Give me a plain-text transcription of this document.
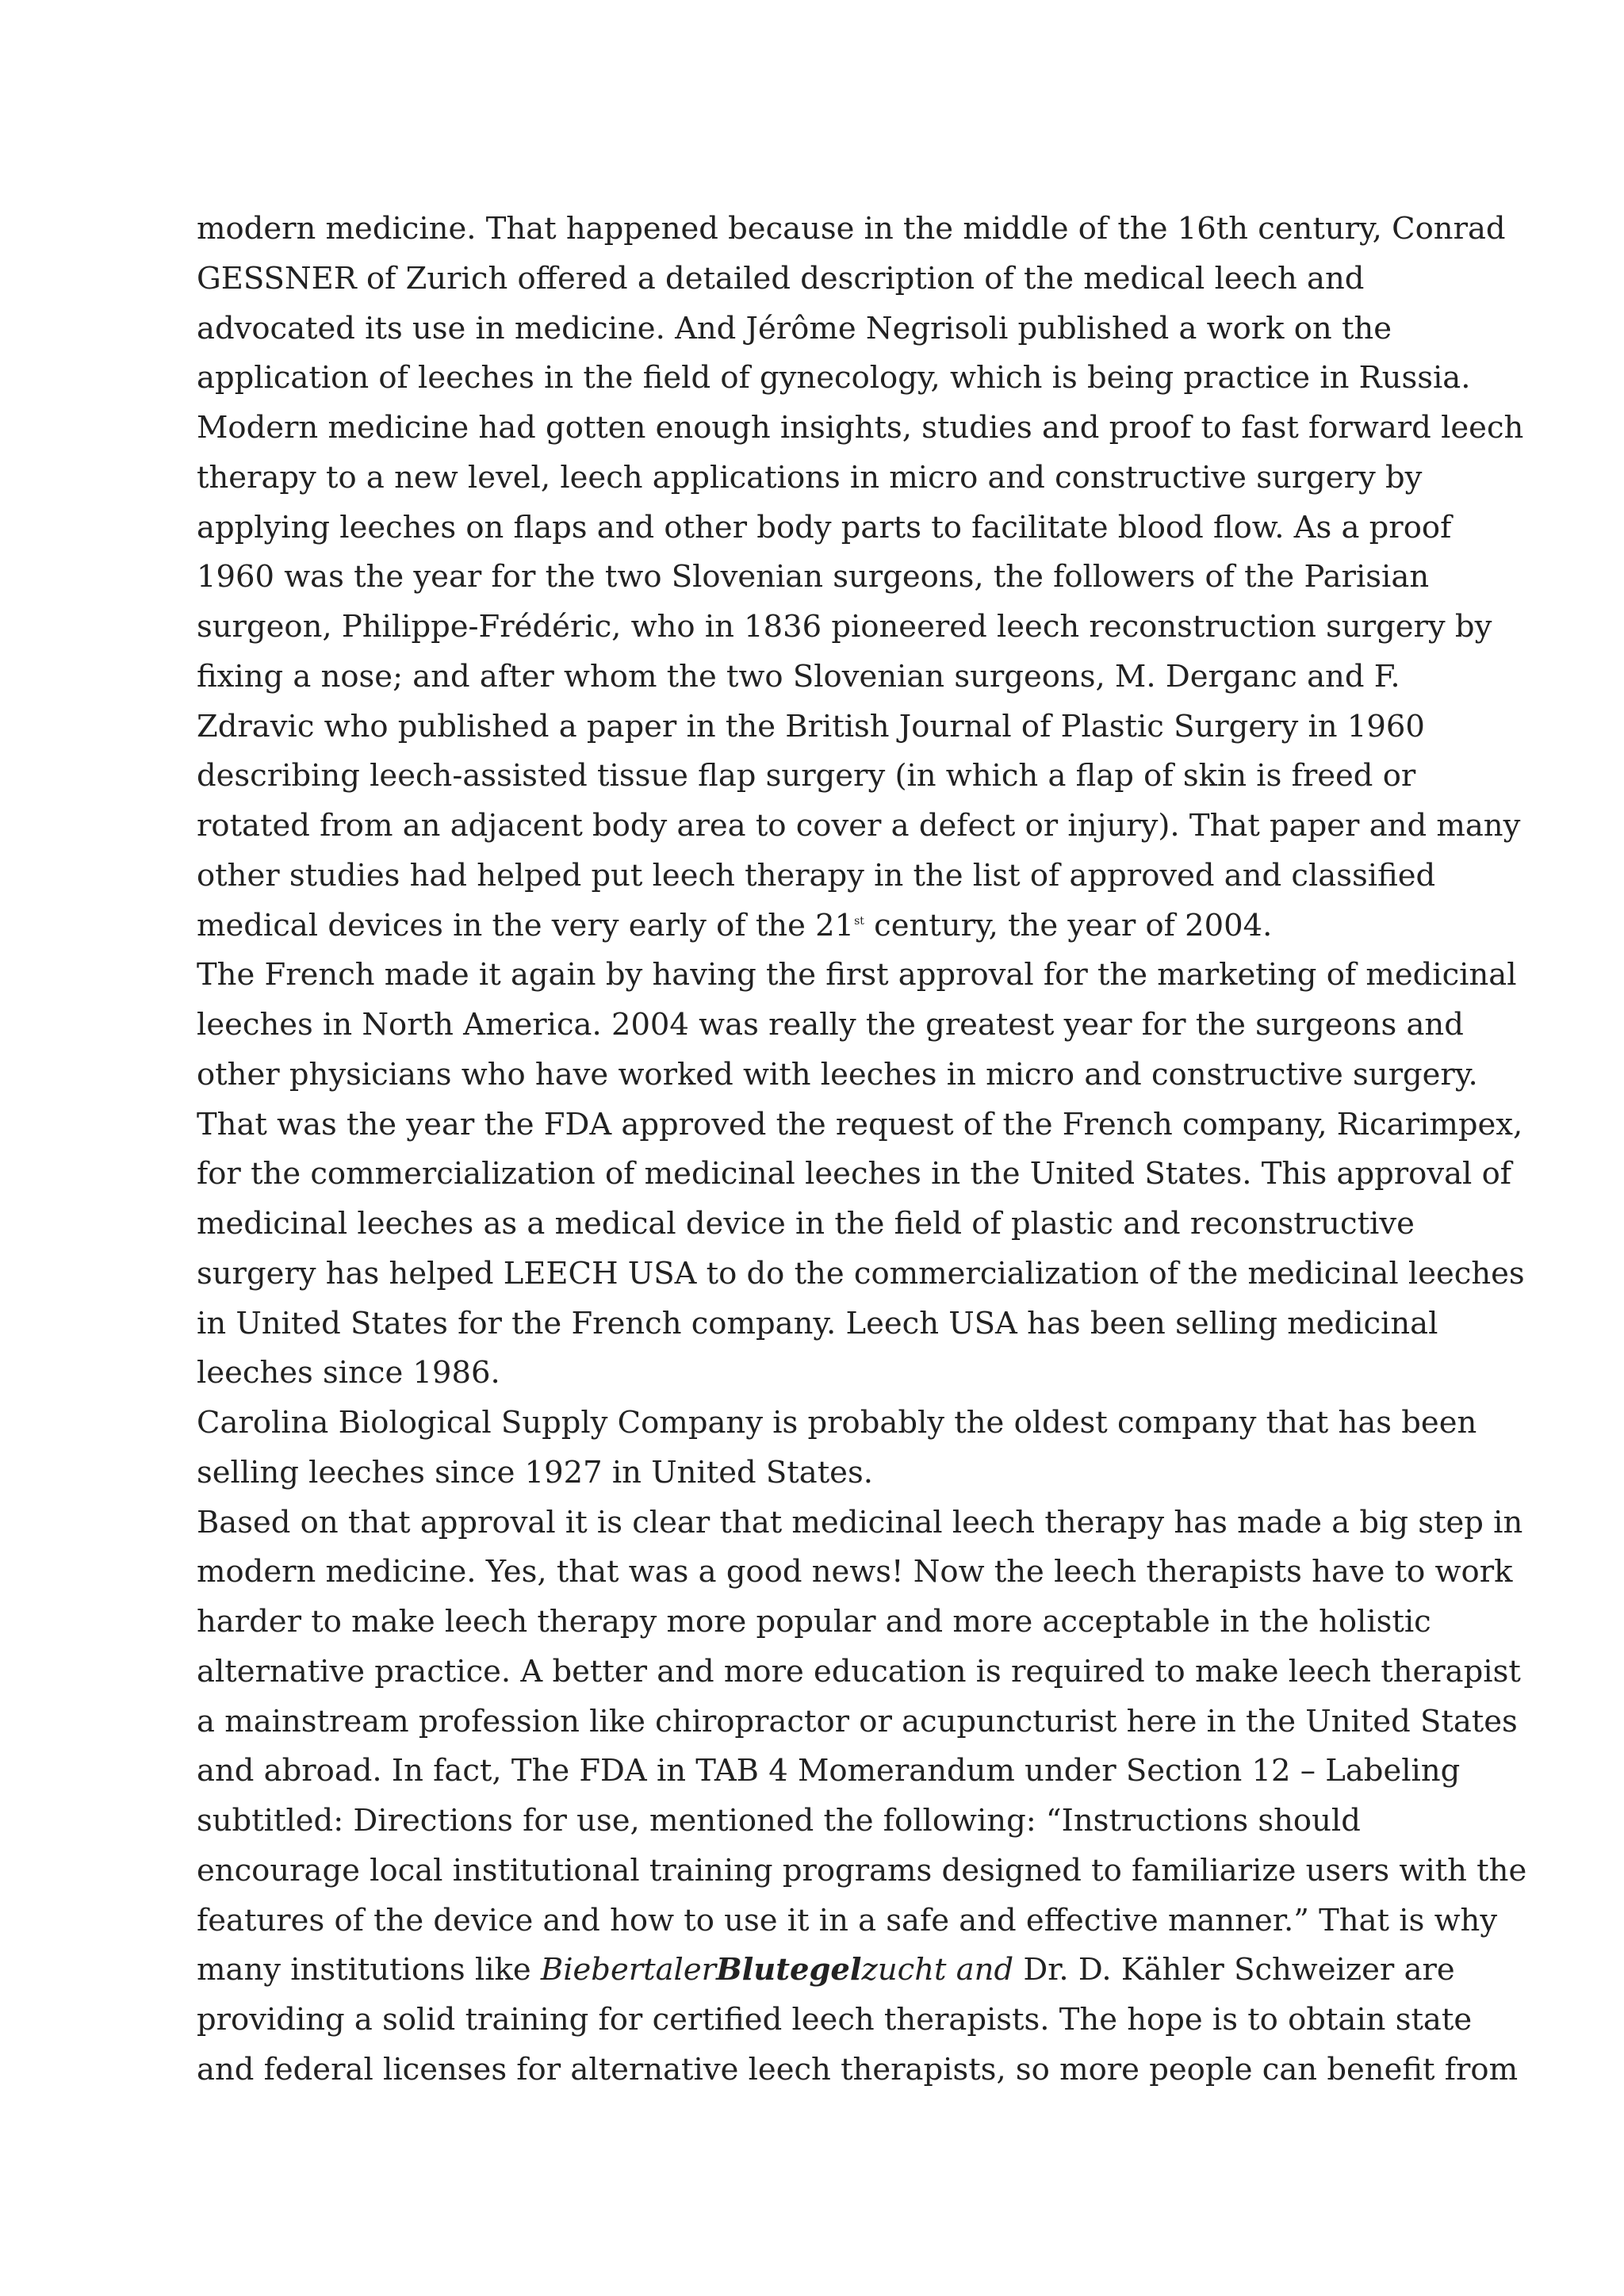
modern medicine. That happened because in the middle of the 16th century, Conrad
GESSNER of Zurich offered a detailed description of the medical leech and
advocated its use in medicine. And Jérôme Negrisoli published a work on the
application of leeches in the field of gynecology, which is being practice in Russia.
Modern medicine had gotten enough insights, studies and proof to fast forward leech
therapy to a new level, leech applications in micro and constructive surgery by
applying leeches on flaps and other body parts to facilitate blood flow. As a proof
1960 was the year for the two Slovenian surgeons, the followers of the Parisian
surgeon, Philippe-Frédéric, who in 1836 pioneered leech reconstruction surgery by
fixing a nose; and after whom the two Slovenian surgeons, M. Derganc and F.
Zdravic who published a paper in the British Journal of Plastic Surgery in 1960
describing leech-assisted tissue flap surgery (in which a flap of skin is freed or
rotated from an adjacent body area to cover a defect or injury). That paper and many
other studies had helped put leech therapy in the list of approved and classified
medical devices in the very early of the 21st century, the year of 2004.
The French made it again by having the first approval for the marketing of medicinal
leeches in North America. 2004 was really the greatest year for the surgeons and
other physicians who have worked with leeches in micro and constructive surgery.
That was the year the FDA approved the request of the French company, Ricarimpex,
for the commercialization of medicinal leeches in the United States. This approval of
medicinal leeches as a medical device in the field of plastic and reconstructive
surgery has helped LEECH USA to do the commercialization of the medicinal leeches
in United States for the French company. Leech USA has been selling medicinal
leeches since 1986.
Carolina Biological Supply Company is probably the oldest company that has been
selling leeches since 1927 in United States.
Based on that approval it is clear that medicinal leech therapy has made a big step in
modern medicine. Yes, that was a good news! Now the leech therapists have to work
harder to make leech therapy more popular and more acceptable in the holistic
alternative practice. A better and more education is required to make leech therapist
a mainstream profession like chiropractor or acupuncturist here in the United States
and abroad. In fact, The FDA in TAB 4 Momerandum under Section 12 – Labeling
subtitled: Directions for use, mentioned the following: “Instructions should
encourage local institutional training programs designed to familiarize users with the
features of the device and how to use it in a safe and effective manner.” That is why
many institutions like BiebertalerBlutegelzucht and Dr. D. Kähler Schweizer are
providing a solid training for certified leech therapists. The hope is to obtain state
and federal licenses for alternative leech therapists, so more people can benefit from
